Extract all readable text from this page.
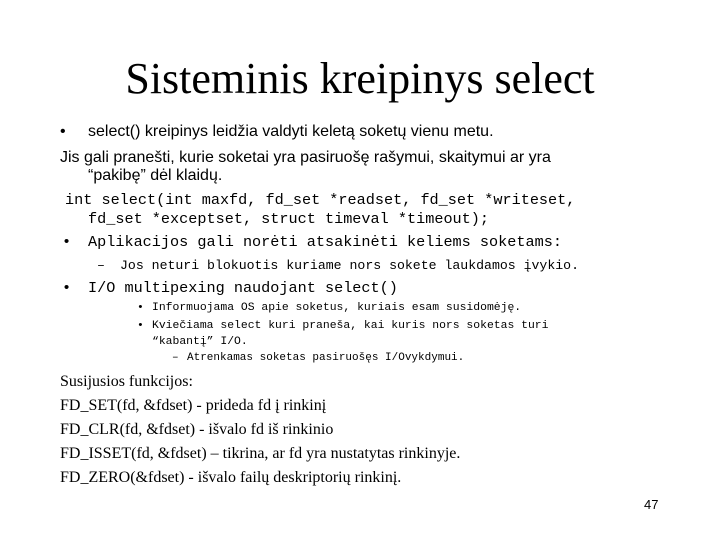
Sisteminis kreipinys select
• select() kreipinys leidžia valdyti keletą soketų vienu metu.
Jis gali pranešti, kurie soketai yra pasiruošę rašymui, skaitymui ar yra
“pakibę” dėl klaidų.
int select(int maxfd, fd_set *readset, fd_set *writeset,
fd_set *exceptset, struct timeval *timeout);
• Aplikacijos gali norėti atsakinėti keliems soketams:
– Jos neturi blokuotis kuriame nors sokete laukdamos įvykio.
• I/O multipexing naudojant select()
• Informuojama OS apie soketus, kuriais esam susidomėję.
• Kviečiama select kuri praneša, kai kuris nors soketas turi
“kabantį” I/O.
– Atrenkamas soketas pasiruošęs I/Ovykdymui.
Susijusios funkcijos:
FD_SET(fd, &fdset) - prideda fd į rinkinį
FD_CLR(fd, &fdset) - išvalo fd iš rinkinio
FD_ISSET(fd, &fdset) – tikrina, ar fd yra nustatytas rinkinyje.
FD_ZERO(&fdset) - išvalo failų deskriptorių rinkinį.
47
